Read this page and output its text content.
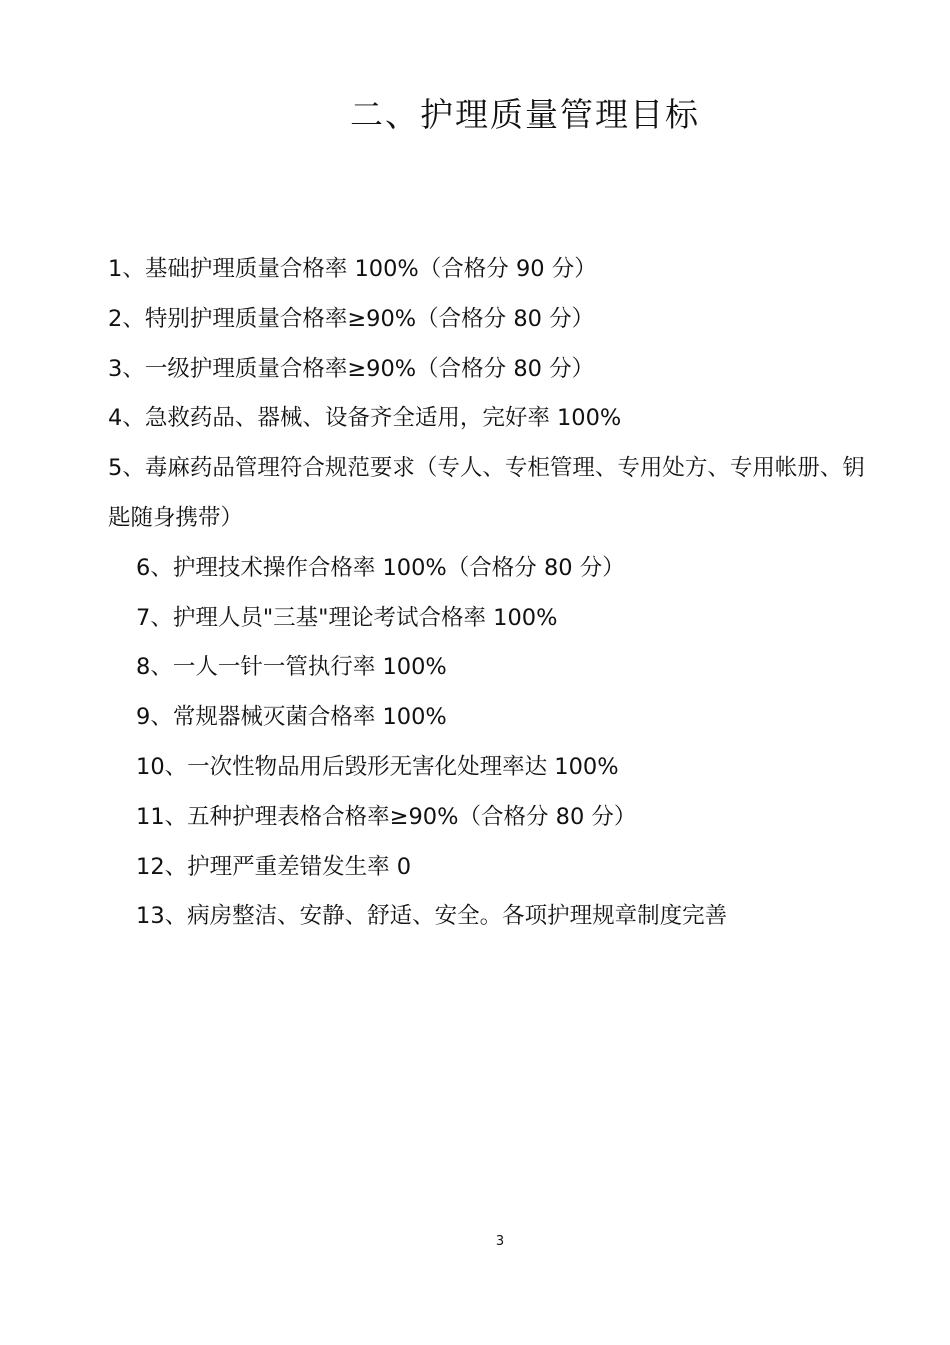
二、护理质量管理目标
1、基础护理质量合格率 100%（合格分 90 分）
2、特别护理质量合格率≥90%（合格分 80 分）
3、一级护理质量合格率≥90%（合格分 80 分）
4、急救药品、器械、设备齐全适用，完好率 100%
5、毒麻药品管理符合规范要求（专人、专柜管理、专用处方、专用帐册、钥匙随身携带）
6、护理技术操作合格率 100%（合格分 80 分）
7、护理人员"三基"理论考试合格率 100%
8、一人一针一管执行率 100%
9、常规器械灭菌合格率 100%
10、一次性物品用后毁形无害化处理率达 100%
11、五种护理表格合格率≥90%（合格分 80 分）
12、护理严重差错发生率 0
13、病房整洁、安静、舒适、安全。各项护理规章制度完善
3
